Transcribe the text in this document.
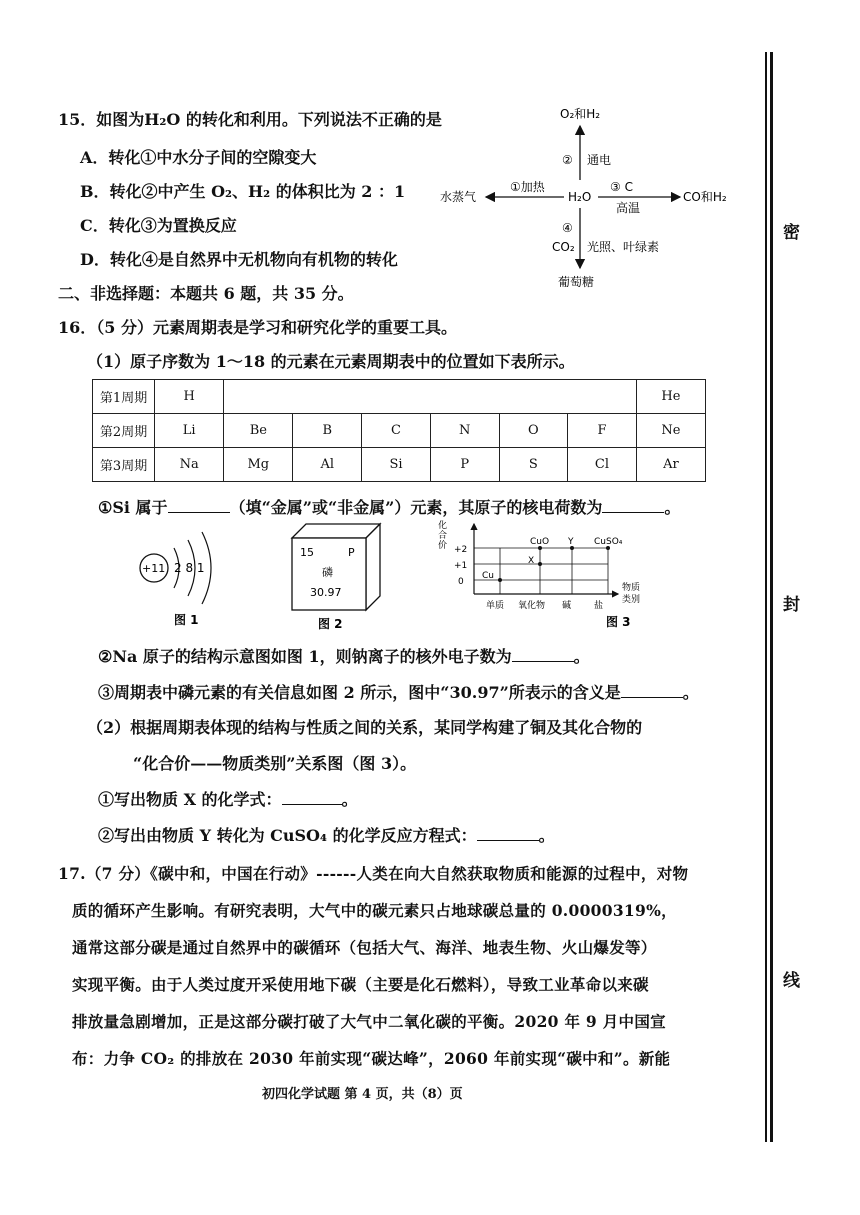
15．如图为H₂O 的转化和利用。下列说法不正确的是
A．转化①中水分子间的空隙变大
B．转化②中产生 O₂、H₂ 的体积比为 2 ：1
C．转化③为置换反应
D．转化④是自然界中无机物向有机物的转化
O₂和H₂
② 通电
H₂O
水蒸气
①加热	③ C
高温
CO和H₂
④
CO₂ 光照、叶绿素
葡萄糖
二、非选择题：本题共 6 题，共 35 分。
16．（5 分）元素周期表是学习和研究化学的重要工具。
（1）原子序数为 1～18 的元素在元素周期表中的位置如下表所示。
第1周期	H							He
第2周期	Li	Be	B	C	N	O	F	Ne
第3周期	Na	Mg	Al	Si	P	S	Cl	Ar
①Si 属于	（填“金属”或“非金属”）元素，其原子的核电荷数为	。
+11 2 8 1
图 1
15	P
磷
30.97
图 2
化
合
价 +2
+1
0
CuO Y CuSO₄
X
Cu
单质 氧化物 碱	盐
物质
类别
图 3
②Na 原子的结构示意图如图 1，则钠离子的核外电子数为	。
③周期表中磷元素的有关信息如图 2 所示，图中“30.97”所表示的含义是	。
（2）根据周期表体现的结构与性质之间的关系，某同学构建了铜及其化合物的
“化合价——物质类别”关系图（图 3）。
①写出物质 X 的化学式：	。
②写出由物质 Y 转化为 CuSO₄ 的化学反应方程式：	。
17.（7 分）《碳中和，中国在行动》------人类在向大自然获取物质和能源的过程中，对物
质的循环产生影响。有研究表明，大气中的碳元素只占地球碳总量的 0.0000319%，
通常这部分碳是通过自然界中的碳循环（包括大气、海洋、地表生物、火山爆发等）
实现平衡。由于人类过度开采使用地下碳（主要是化石燃料），导致工业革命以来碳
排放量急剧增加，正是这部分碳打破了大气中二氧化碳的平衡。2020 年 9 月中国宣
布：力争 CO₂ 的排放在 2030 年前实现“碳达峰”，2060 年前实现“碳中和”。新能
初四化学试题 第 4 页，共（8）页
密
封
线
